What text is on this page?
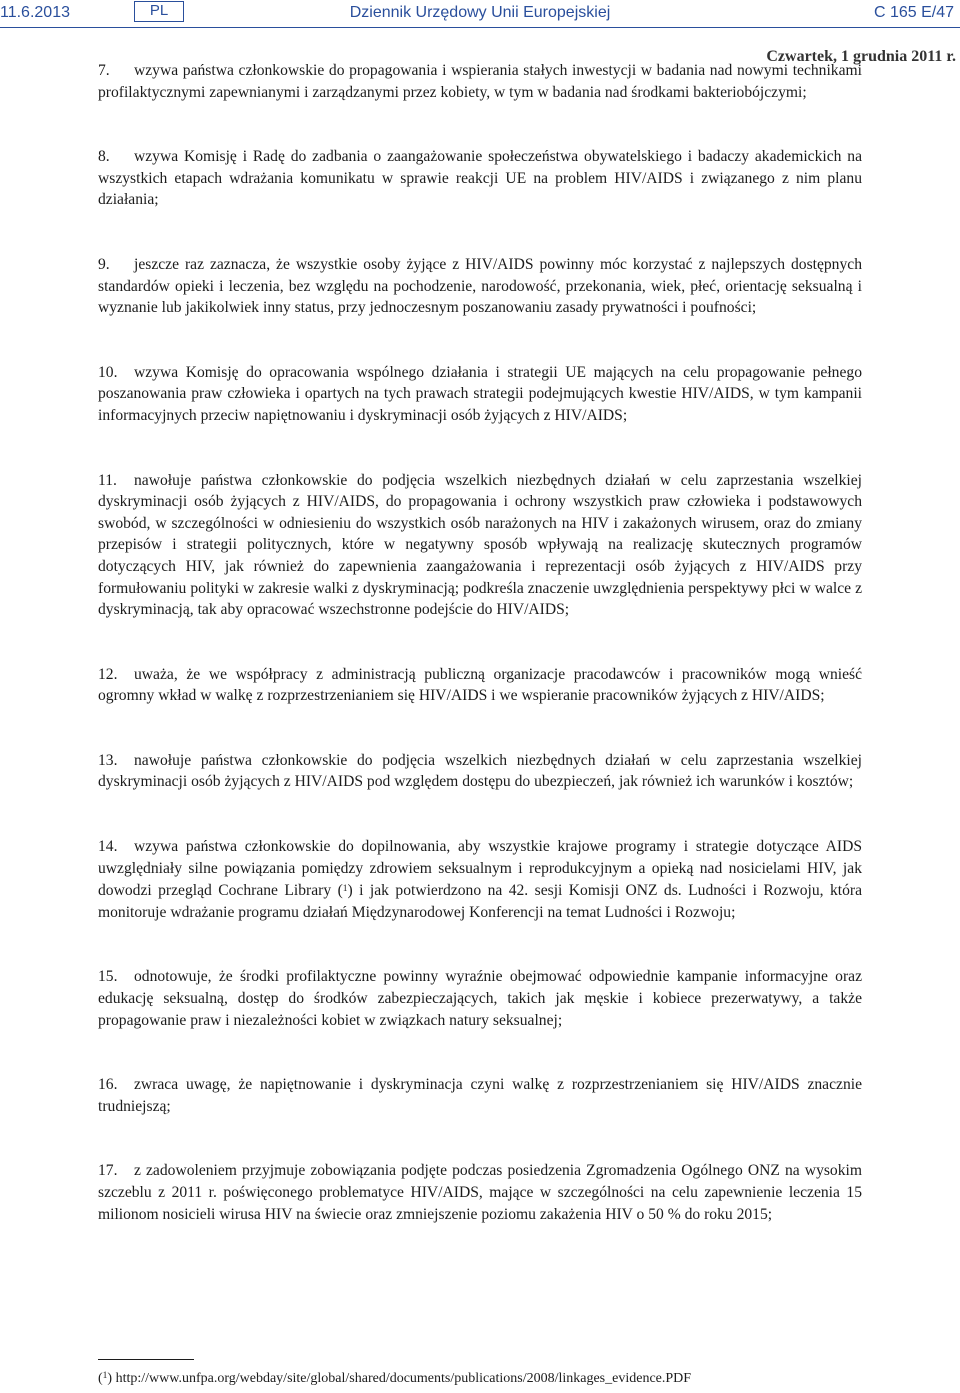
11.6.2013	PL	Dziennik Urzędowy Unii Europejskiej	C 165 E/47
Czwartek, 1 grudnia 2011 r.

7. wzywa państwa członkowskie do propagowania i wspierania stałych inwestycji w badania nad nowymi technikami profilaktycznymi zapewnianymi i zarządzanymi przez kobiety, w tym w badania nad środkami bakteriobójczymi;

8. wzywa Komisję i Radę do zadbania o zaangażowanie społeczeństwa obywatelskiego i badaczy akademickich na wszystkich etapach wdrażania komunikatu w sprawie reakcji UE na problem HIV/AIDS i związanego z nim planu działania;

9. jeszcze raz zaznacza, że wszystkie osoby żyjące z HIV/AIDS powinny móc korzystać z najlepszych dostępnych standardów opieki i leczenia, bez względu na pochodzenie, narodowość, przekonania, wiek, płeć, orientację seksualną i wyznanie lub jakikolwiek inny status, przy jednoczesnym poszanowaniu zasady prywatności i poufności;

10. wzywa Komisję do opracowania wspólnego działania i strategii UE mających na celu propagowanie pełnego poszanowania praw człowieka i opartych na tych prawach strategii podejmujących kwestie HIV/AIDS, w tym kampanii informacyjnych przeciw napiętnowaniu i dyskryminacji osób żyjących z HIV/AIDS;

11. nawołuje państwa członkowskie do podjęcia wszelkich niezbędnych działań w celu zaprzestania wszelkiej dyskryminacji osób żyjących z HIV/AIDS, do propagowania i ochrony wszystkich praw człowieka i podstawowych swobód, w szczególności w odniesieniu do wszystkich osób narażonych na HIV i zakażonych wirusem, oraz do zmiany przepisów i strategii politycznych, które w negatywny sposób wpływają na realizację skutecznych programów dotyczących HIV, jak również do zapewnienia zaangażowania i reprezentacji osób żyjących z HIV/AIDS przy formułowaniu polityki w zakresie walki z dyskryminacją; podkreśla znaczenie uwzględnienia perspektywy płci w walce z dyskryminacją, tak aby opracować wszechstronne podejście do HIV/AIDS;

12. uważa, że we współpracy z administracją publiczną organizacje pracodawców i pracowników mogą wnieść ogromny wkład w walkę z rozprzestrzenianiem się HIV/AIDS i we wspieranie pracowników żyjących z HIV/AIDS;

13. nawołuje państwa członkowskie do podjęcia wszelkich niezbędnych działań w celu zaprzestania wszelkiej dyskryminacji osób żyjących z HIV/AIDS pod względem dostępu do ubezpieczeń, jak również ich warunków i kosztów;

14. wzywa państwa członkowskie do dopilnowania, aby wszystkie krajowe programy i strategie dotyczące AIDS uwzględniały silne powiązania pomiędzy zdrowiem seksualnym i reprodukcyjnym a opieką nad nosicielami HIV, jak dowodzi przegląd Cochrane Library ($^1$) i jak potwierdzono na 42. sesji Komisji ONZ ds. Ludności i Rozwoju, która monitoruje wdrażanie programu działań Międzynarodowej Konferencji na temat Ludności i Rozwoju;

15. odnotowuje, że środki profilaktyczne powinny wyraźnie obejmować odpowiednie kampanie informacyjne oraz edukację seksualną, dostęp do środków zabezpieczających, takich jak męskie i kobiece prezerwatywy, a także propagowanie praw i niezależności kobiet w związkach natury seksualnej;

16. zwraca uwagę, że napiętnowanie i dyskryminacja czyni walkę z rozprzestrzenianiem się HIV/AIDS znacznie trudniejszą;

17. z zadowoleniem przyjmuje zobowiązania podjęte podczas posiedzenia Zgromadzenia Ogólnego ONZ na wysokim szczeblu z 2011 r. poświęconego problematyce HIV/AIDS, mające w szczególności na celu zapewnienie leczenia 15 milionom nosicieli wirusa HIV na świecie oraz zmniejszenie poziomu zakażenia HIV o 50 % do roku 2015;

($^1$) http://www.unfpa.org/webday/site/global/shared/documents/publications/2008/linkages_evidence.PDF
